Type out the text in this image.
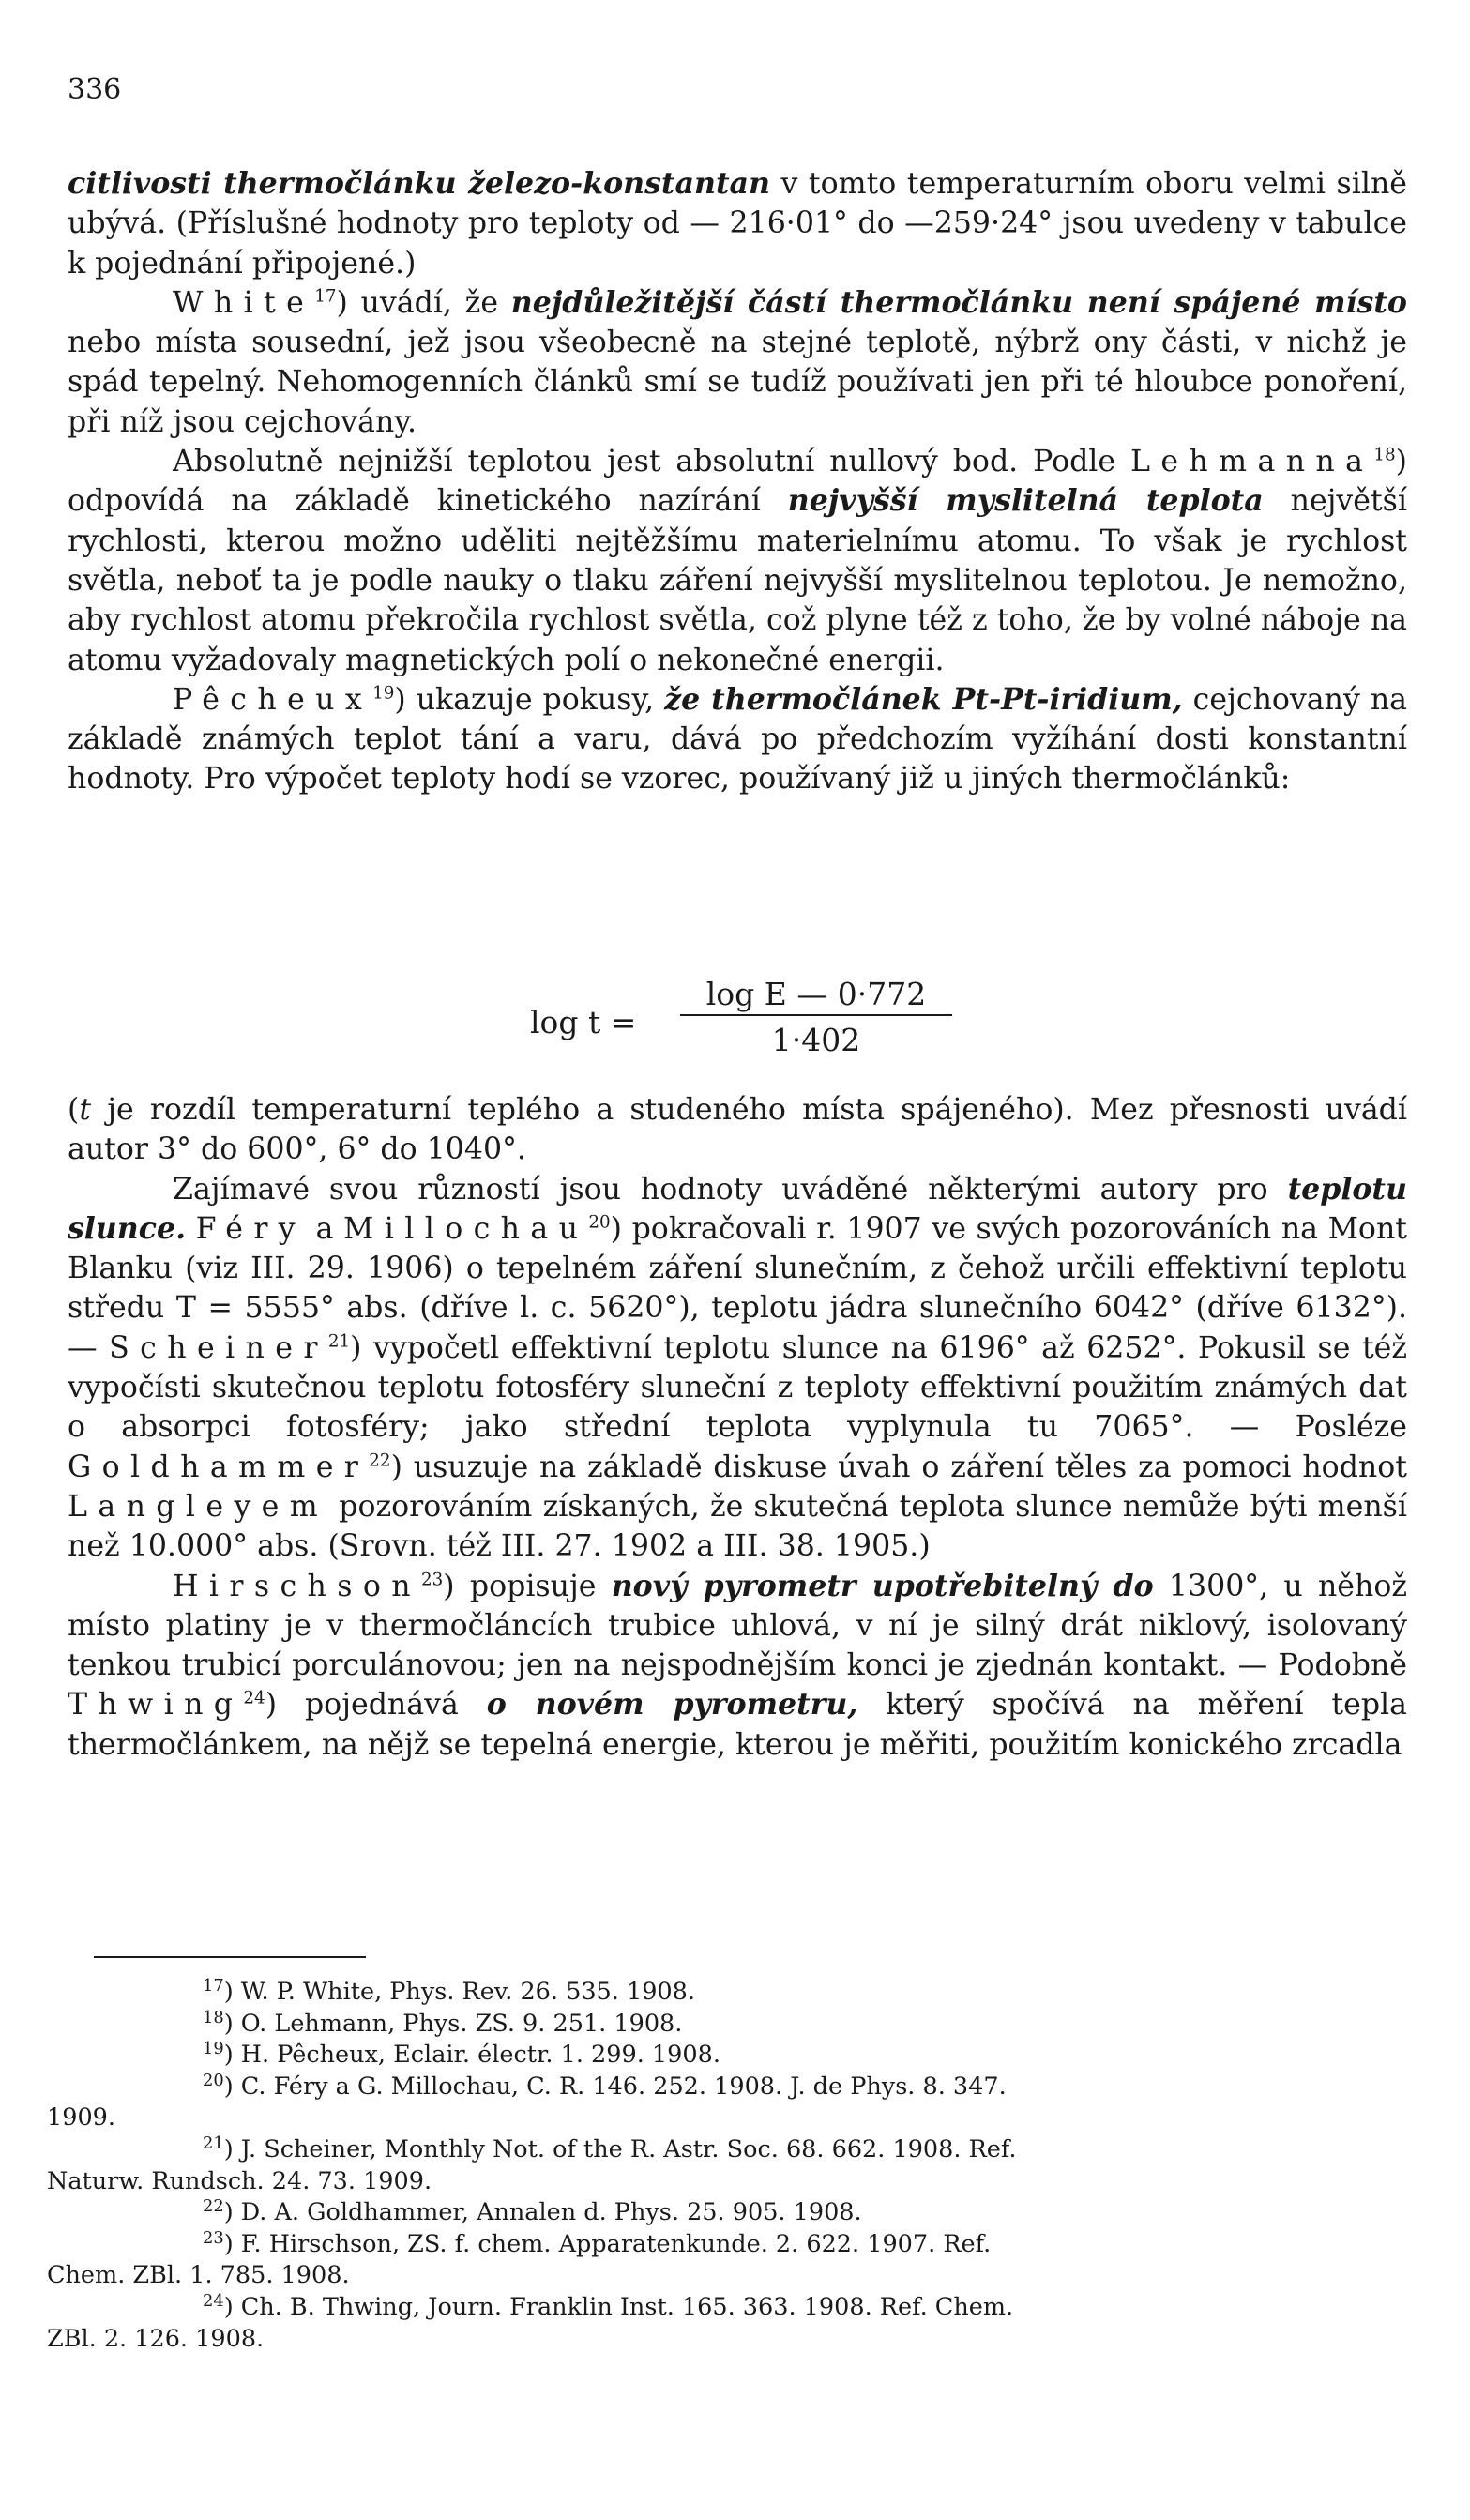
336

citlivosti thermočlánku železo-konstantan v tomto temperaturním oboru velmi silně ubývá. (Příslušné hodnoty pro teploty od — 216·01° do —259·24° jsou uvedeny v tabulce k pojednání připojené.)

White$^{17}$) uvádí, že nejdůležitější částí thermočlánku není spájené místo nebo místa sousední, jež jsou všeobecně na stejné teplotě, nýbrž ony části, v nichž je spád tepelný. Nehomogenních článků smí se tudíž používati jen při té hloubce ponoření, při níž jsou cejchovány.

Absolutně nejnižší teplotou jest absolutní nullový bod. Podle Lehmanna$^{18}$) odpovídá na základě kinetického nazírání nejvyšší myslitelná teplota největší rychlosti, kterou možno uděliti nejtěžšímu materielnímu atomu. To však je rychlost světla, neboť ta je podle nauky o tlaku záření nejvyšší myslitelnou teplotou. Je nemožno, aby rychlost atomu překročila rychlost světla, což plyne též z toho, že by volné náboje na atomu vyžadovaly magnetických polí o nekonečné energii.

Pêcheux$^{19}$) ukazuje pokusy, že thermočlánek Pt-Pt-iridium, cejchovaný na základě známých teplot tání a varu, dává po předchozím vyžíhání dosti konstantní hodnoty. Pro výpočet teploty hodí se vzorec, používaný již u jiných thermočlánků:

log t =
log E — 0·772
1·402

(t je rozdíl temperaturní teplého a studeného místa spájeného). Mez přesnosti uvádí autor 3° do 600°, 6° do 1040°.

Zajímavé svou růzností jsou hodnoty uváděné některými autory pro teplotu slunce. Féry a Millochau$^{20}$) pokračovali r. 1907 ve svých pozorováních na Mont Blanku (viz III. 29. 1906) o tepelném záření slunečním, z čehož určili effektivní teplotu středu T = 5555° abs. (dříve l. c. 5620°), teplotu jádra slunečního 6042° (dříve 6132°). — Scheiner$^{21}$) vypočetl effektivní teplotu slunce na 6196° až 6252°. Pokusil se též vypočísti skutečnou teplotu fotosféry sluneční z teploty effektivní použitím známých dat o absorpci fotosféry; jako střední teplota vyplynula tu 7065°. — Posléze Goldhammer$^{22}$) usuzuje na základě diskuse úvah o záření těles za pomoci hodnot Langleyem pozorováním získaných, že skutečná teplota slunce nemůže býti menší než 10.000° abs. (Srovn. též III. 27. 1902 a III. 38. 1905.)

Hirschson$^{23}$) popisuje nový pyrometr upotřebitelný do 1300°, u něhož místo platiny je v thermočláncích trubice uhlová, v ní je silný drát niklový, isolovaný tenkou trubicí porculánovou; jen na nejspodnějším konci je zjednán kontakt. — Podobně Thwing$^{24}$) pojednává o novém pyrometru, který spočívá na měření tepla thermočlánkem, na nějž se tepelná energie, kterou je měřiti, použitím konického zrcadla

$^{17}$) W. P. White, Phys. Rev. 26. 535. 1908.

$^{18}$) O. Lehmann, Phys. ZS. 9. 251. 1908.

$^{19}$) H. Pêcheux, Eclair. électr. 1. 299. 1908.

$^{20}$) C. Féry a G. Millochau, C. R. 146. 252. 1908. J. de Phys. 8. 347.

1909.

$^{21}$) J. Scheiner, Monthly Not. of the R. Astr. Soc. 68. 662. 1908. Ref.

Naturw. Rundsch. 24. 73. 1909.

$^{22}$) D. A. Goldhammer, Annalen d. Phys. 25. 905. 1908.

$^{23}$) F. Hirschson, ZS. f. chem. Apparatenkunde. 2. 622. 1907. Ref.

Chem. ZBl. 1. 785. 1908.

$^{24}$) Ch. B. Thwing, Journ. Franklin Inst. 165. 363. 1908. Ref. Chem.

ZBl. 2. 126. 1908.
